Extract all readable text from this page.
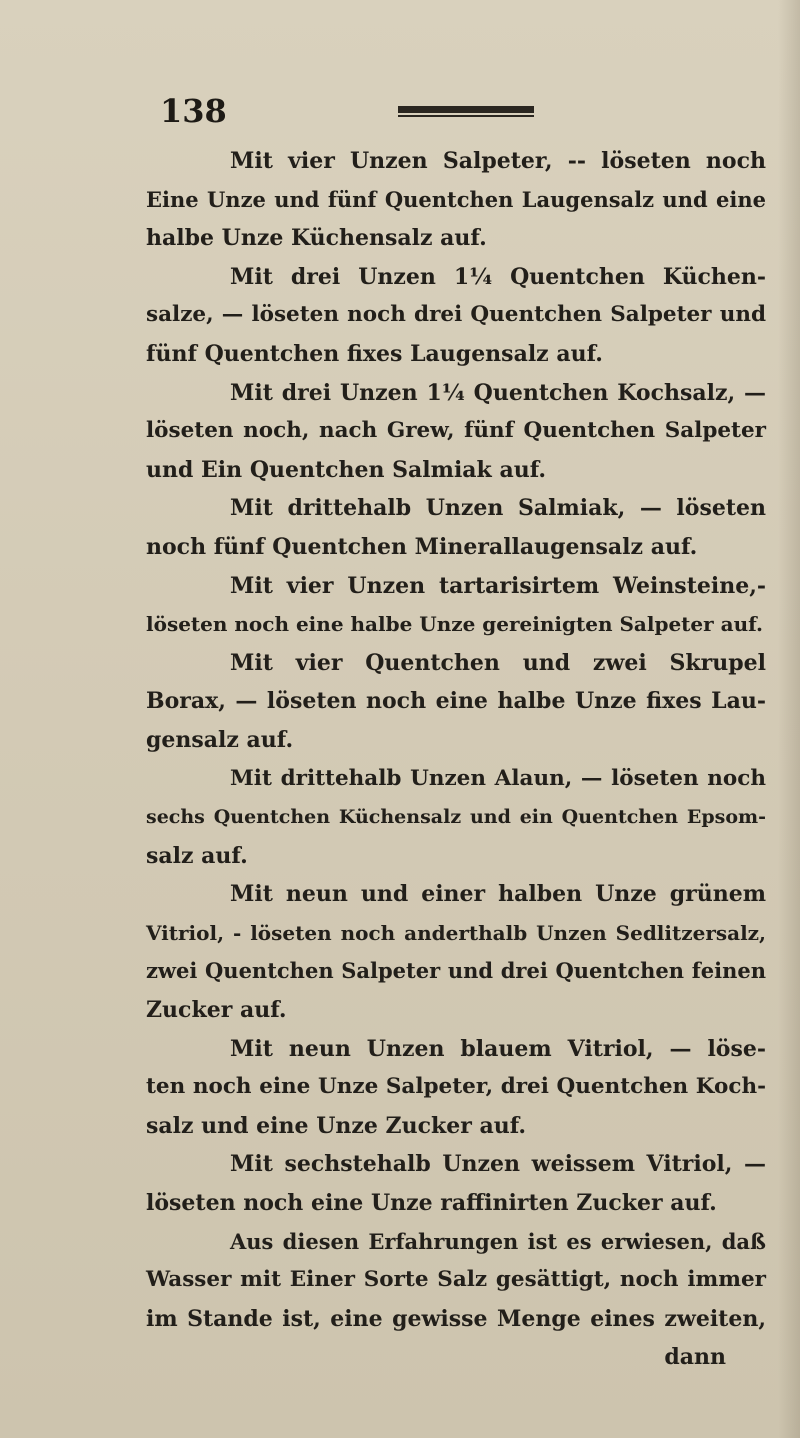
138
Mit vier Unzen Salpeter, -- löseten noch
Eine Unze und fünf Quentchen Laugensalz und eine
halbe Unze Küchensalz auf.
Mit drei Unzen 1¼ Quentchen Küchen-
salze, — löseten noch drei Quentchen Salpeter und
fünf Quentchen fixes Laugensalz auf.
Mit drei Unzen 1¼ Quentchen Kochsalz, —
löseten noch, nach Grew, fünf Quentchen Salpeter
und Ein Quentchen Salmiak auf.
Mit drittehalb Unzen Salmiak, — löseten
noch fünf Quentchen Minerallaugensalz auf.
Mit vier Unzen tartarisirtem Weinsteine,-
löseten noch eine halbe Unze gereinigten Salpeter auf.
Mit vier Quentchen und zwei Skrupel
Borax, — löseten noch eine halbe Unze fixes Lau-
gensalz auf.
Mit drittehalb Unzen Alaun, — löseten noch
sechs Quentchen Küchensalz und ein Quentchen Epsom-
salz auf.
Mit neun und einer halben Unze grünem
Vitriol, - löseten noch anderthalb Unzen Sedlitzersalz,
zwei Quentchen Salpeter und drei Quentchen feinen
Zucker auf.
Mit neun Unzen blauem Vitriol, — löse-
ten noch eine Unze Salpeter, drei Quentchen Koch-
salz und eine Unze Zucker auf.
Mit sechstehalb Unzen weissem Vitriol, —
löseten noch eine Unze raffinirten Zucker auf.
Aus diesen Erfahrungen ist es erwiesen, daß
Wasser mit Einer Sorte Salz gesättigt, noch immer
im Stande ist, eine gewisse Menge eines zweiten,
dann
